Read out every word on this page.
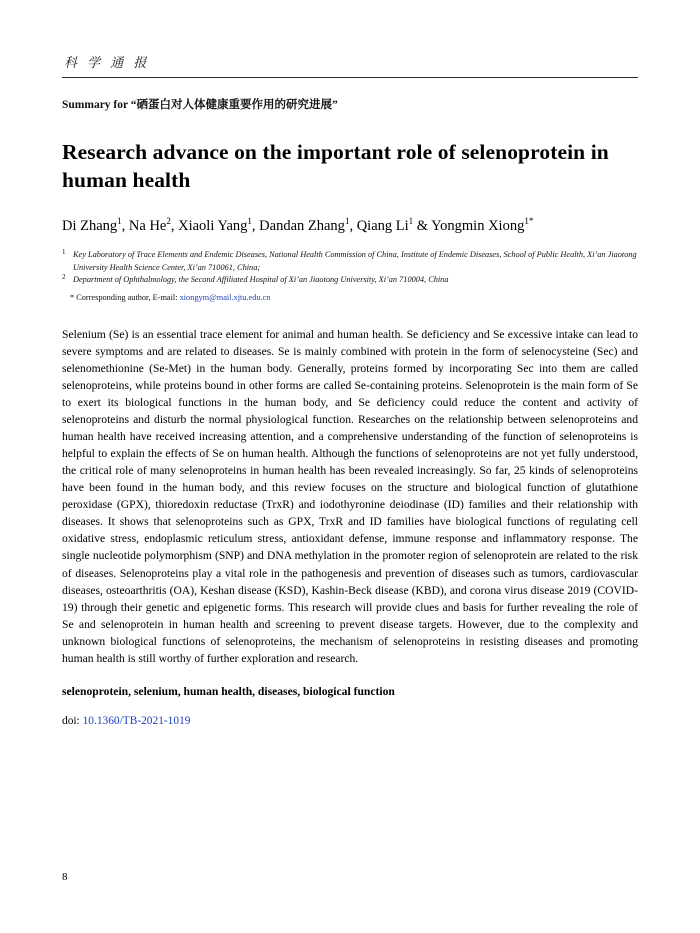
科 学 通 报
Summary for “硒蛋白对人体健康重要作用的研究进展”
Research advance on the important role of selenoprotein in human health
Di Zhang$^1$, Na He$^2$, Xiaoli Yang$^1$, Dandan Zhang$^1$, Qiang Li$^1$ & Yongmin Xiong$^{1*}$
1 Key Laboratory of Trace Elements and Endemic Diseases, National Health Commission of China, Institute of Endemic Diseases, School of Public Health, Xi’an Jiaotong University Health Science Center, Xi’an 710061, China;
2 Department of Ophthalmology, the Second Affiliated Hospital of Xi’an Jiaotong University, Xi’an 710004, China
* Corresponding author, E-mail: xiongym@mail.xjtu.edu.cn
Selenium (Se) is an essential trace element for animal and human health. Se deficiency and Se excessive intake can lead to severe symptoms and are related to diseases. Se is mainly combined with protein in the form of selenocysteine (Sec) and selenomethionine (Se-Met) in the human body. Generally, proteins formed by incorporating Sec into them are called selenoproteins, while proteins bound in other forms are called Se-containing proteins. Selenoprotein is the main form of Se to exert its biological functions in the human body, and Se deficiency could reduce the content and activity of selenoproteins and disturb the normal physiological function. Researches on the relationship between selenoproteins and human health have received increasing attention, and a comprehensive understanding of the function of selenoproteins is helpful to explain the effects of Se on human health. Although the functions of selenoproteins are not yet fully understood, the critical role of many selenoproteins in human health has been revealed increasingly. So far, 25 kinds of selenoproteins have been found in the human body, and this review focuses on the structure and biological function of glutathione peroxidase (GPX), thioredoxin reductase (TrxR) and iodothyronine deiodinase (ID) families and their relationship with diseases. It shows that selenoproteins such as GPX, TrxR and ID families have biological functions of regulating cell oxidative stress, endoplasmic reticulum stress, antioxidant defense, immune response and inflammatory response. The single nucleotide polymorphism (SNP) and DNA methylation in the promoter region of selenoprotein are related to the risk of diseases. Selenoproteins play a vital role in the pathogenesis and prevention of diseases such as tumors, cardiovascular diseases, osteoarthritis (OA), Keshan disease (KSD), Kashin-Beck disease (KBD), and corona virus disease 2019 (COVID-19) through their genetic and epigenetic forms. This research will provide clues and basis for further revealing the role of Se and selenoprotein in human health and screening to prevent disease targets. However, due to the complexity and unknown biological functions of selenoproteins, the mechanism of selenoproteins in resisting diseases and promoting human health is still worthy of further exploration and research.
selenoprotein, selenium, human health, diseases, biological function
doi: 10.1360/TB-2021-1019
8
